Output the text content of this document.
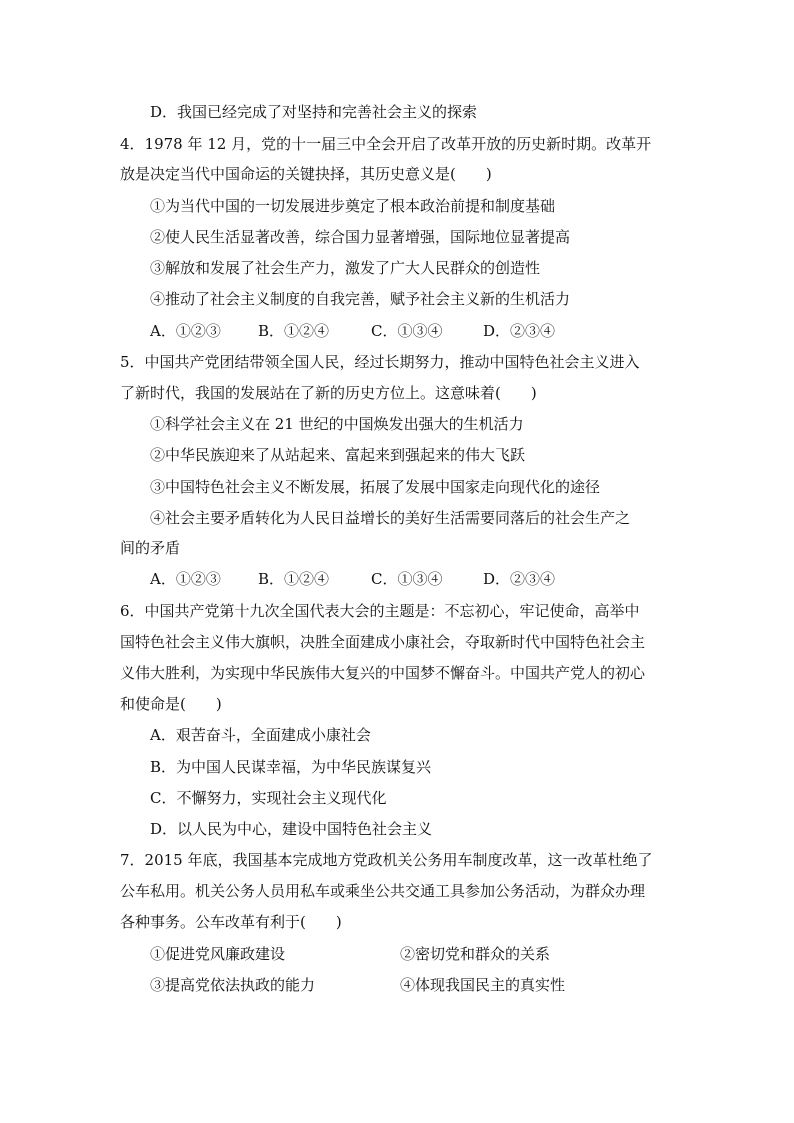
D．我国已经完成了对坚持和完善社会主义的探索
4．1978 年 12 月，党的十一届三中全会开启了改革开放的历史新时期。改革开
放是决定当代中国命运的关键抉择，其历史意义是(　　)
①为当代中国的一切发展进步奠定了根本政治前提和制度基础
②使人民生活显著改善，综合国力显著增强，国际地位显著提高
③解放和发展了社会生产力，激发了广大人民群众的创造性
④推动了社会主义制度的自我完善，赋予社会主义新的生机活力
A．①②③ B．①②④	C．①③④	D．②③④
5．中国共产党团结带领全国人民，经过长期努力，推动中国特色社会主义进入
了新时代，我国的发展站在了新的历史方位上。这意味着(　　)
①科学社会主义在 21 世纪的中国焕发出强大的生机活力
②中华民族迎来了从站起来、富起来到强起来的伟大飞跃
③中国特色社会主义不断发展，拓展了发展中国家走向现代化的途径
④社会主要矛盾转化为人民日益增长的美好生活需要同落后的社会生产之
间的矛盾
A．①②③ B．①②④	C．①③④	D．②③④
6．中国共产党第十九次全国代表大会的主题是：不忘初心，牢记使命，高举中
国特色社会主义伟大旗帜，决胜全面建成小康社会，夺取新时代中国特色社会主
义伟大胜利，为实现中华民族伟大复兴的中国梦不懈奋斗。中国共产党人的初心
和使命是(　　)
A．艰苦奋斗，全面建成小康社会
B．为中国人民谋幸福，为中华民族谋复兴
C．不懈努力，实现社会主义现代化
D．以人民为中心，建设中国特色社会主义
7．2015 年底，我国基本完成地方党政机关公务用车制度改革，这一改革杜绝了
公车私用。机关公务人员用私车或乘坐公共交通工具参加公务活动，为群众办理
各种事务。公车改革有利于(　　)
①促进党风廉政建设	②密切党和群众的关系
③提高党依法执政的能力	④体现我国民主的真实性
